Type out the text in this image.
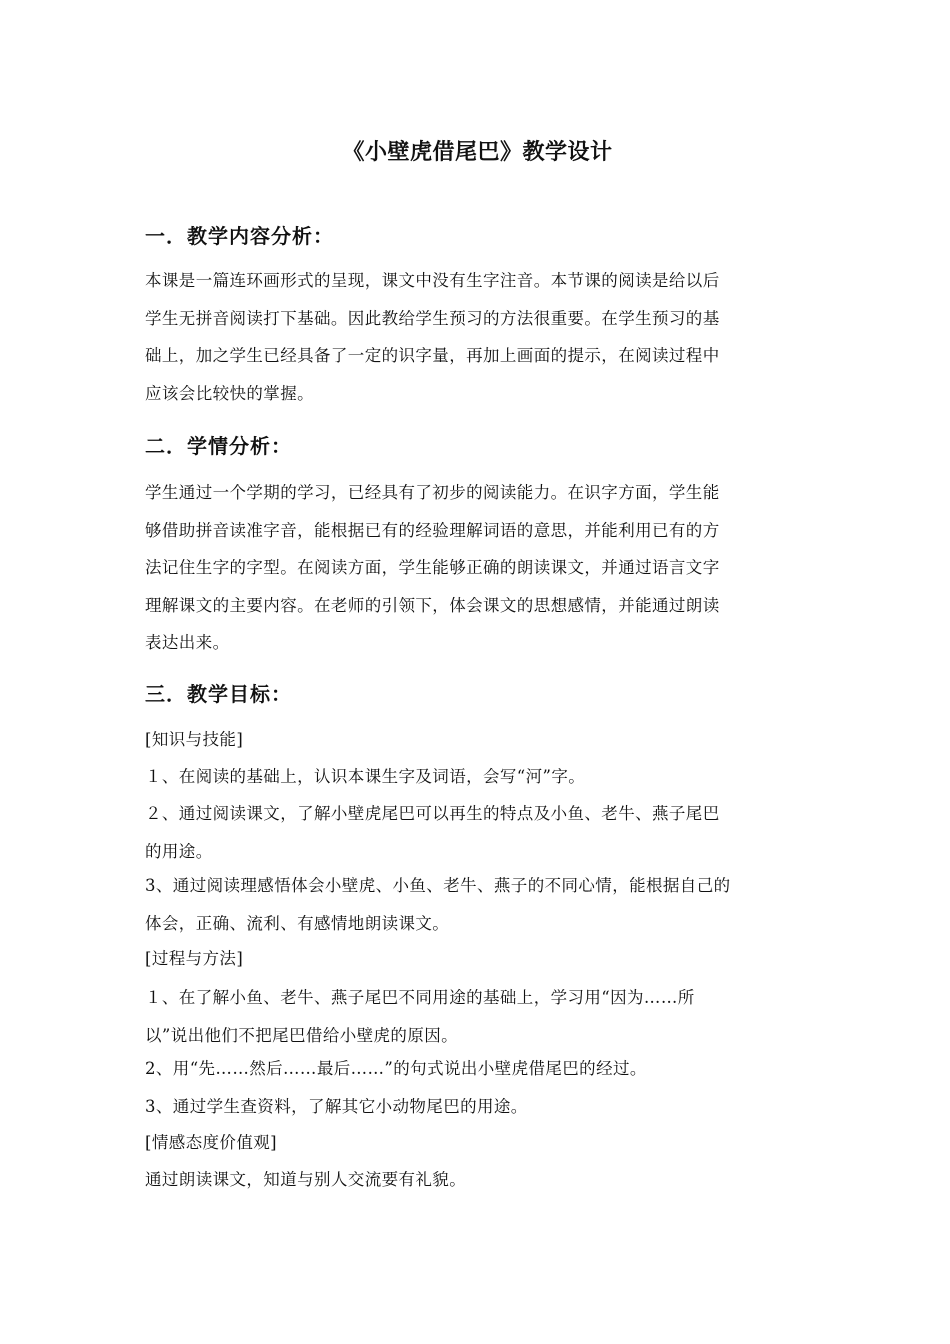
《小壁虎借尾巴》教学设计
一．教学内容分析：
本课是一篇连环画形式的呈现，课文中没有生字注音。本节课的阅读是给以后
学生无拼音阅读打下基础。因此教给学生预习的方法很重要。在学生预习的基
础上，加之学生已经具备了一定的识字量，再加上画面的提示，在阅读过程中
应该会比较快的掌握。
二．学情分析：
学生通过一个学期的学习，已经具有了初步的阅读能力。在识字方面，学生能
够借助拼音读准字音，能根据已有的经验理解词语的意思，并能利用已有的方
法记住生字的字型。在阅读方面，学生能够正确的朗读课文，并通过语言文字
理解课文的主要内容。在老师的引领下，体会课文的思想感情，并能通过朗读
表达出来。
三．教学目标：
[知识与技能]
１、在阅读的基础上，认识本课生字及词语，会写“河”字。
２、通过阅读课文，了解小壁虎尾巴可以再生的特点及小鱼、老牛、燕子尾巴
的用途。
3、通过阅读理感悟体会小壁虎、小鱼、老牛、燕子的不同心情，能根据自己的
体会，正确、流利、有感情地朗读课文。
[过程与方法]
１、在了解小鱼、老牛、燕子尾巴不同用途的基础上，学习用“因为……所
以”说出他们不把尾巴借给小壁虎的原因。
2、用“先……然后……最后……”的句式说出小壁虎借尾巴的经过。
3、通过学生查资料，了解其它小动物尾巴的用途。
[情感态度价值观]
通过朗读课文，知道与别人交流要有礼貌。
